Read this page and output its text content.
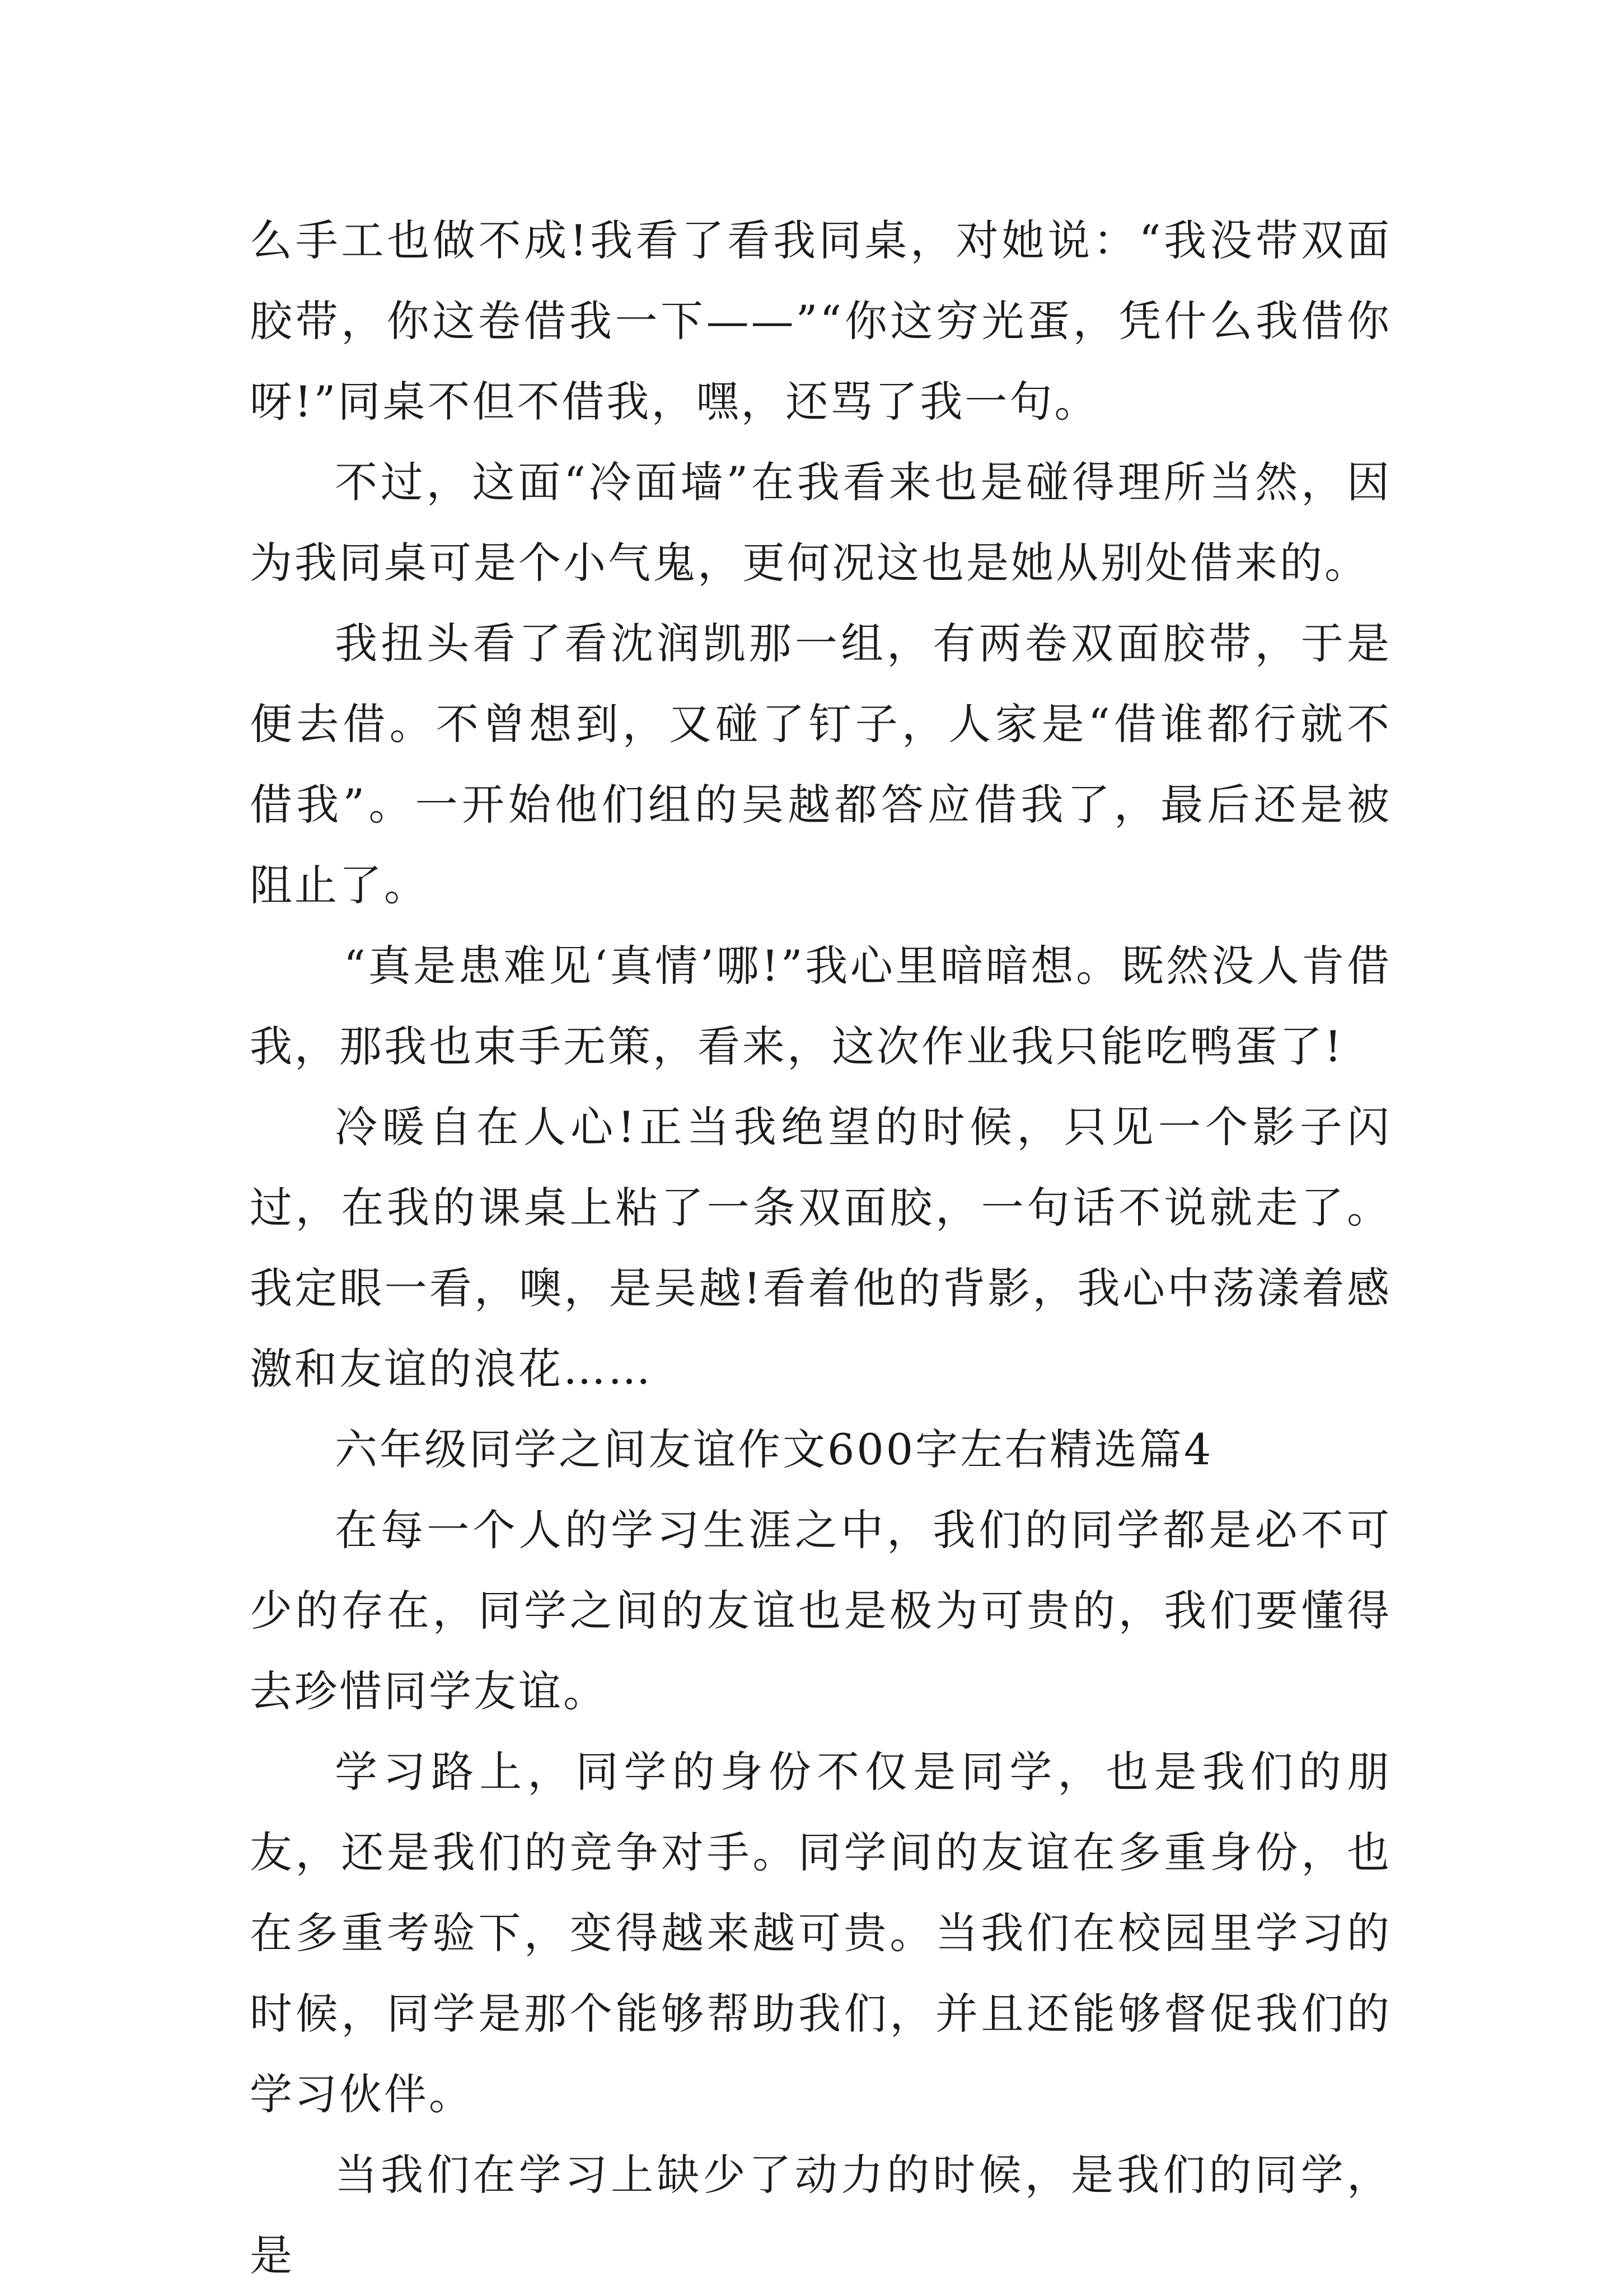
么手工也做不成!我看了看我同桌，对她说：“我没带双面胶带，你这卷借我一下——”“你这穷光蛋，凭什么我借你呀!”同桌不但不借我，嘿，还骂了我一句。

不过，这面“冷面墙”在我看来也是碰得理所当然，因为我同桌可是个小气鬼，更何况这也是她从别处借来的。

我扭头看了看沈润凯那一组，有两卷双面胶带，于是便去借。不曾想到，又碰了钉子，人家是“借谁都行就不借我”。一开始他们组的吴越都答应借我了，最后还是被阻止了。

“真是患难见‘真情’哪!”我心里暗暗想。既然没人肯借我，那我也束手无策，看来，这次作业我只能吃鸭蛋了!

冷暖自在人心!正当我绝望的时候，只见一个影子闪过，在我的课桌上粘了一条双面胶，一句话不说就走了。我定眼一看，噢，是吴越!看着他的背影，我心中荡漾着感激和友谊的浪花……

六年级同学之间友谊作文600字左右精选篇4

在每一个人的学习生涯之中，我们的同学都是必不可少的存在，同学之间的友谊也是极为可贵的，我们要懂得去珍惜同学友谊。

学习路上，同学的身份不仅是同学，也是我们的朋友，还是我们的竞争对手。同学间的友谊在多重身份，也在多重考验下，变得越来越可贵。当我们在校园里学习的时候，同学是那个能够帮助我们，并且还能够督促我们的学习伙伴。

当我们在学习上缺少了动力的时候，是我们的同学，是
